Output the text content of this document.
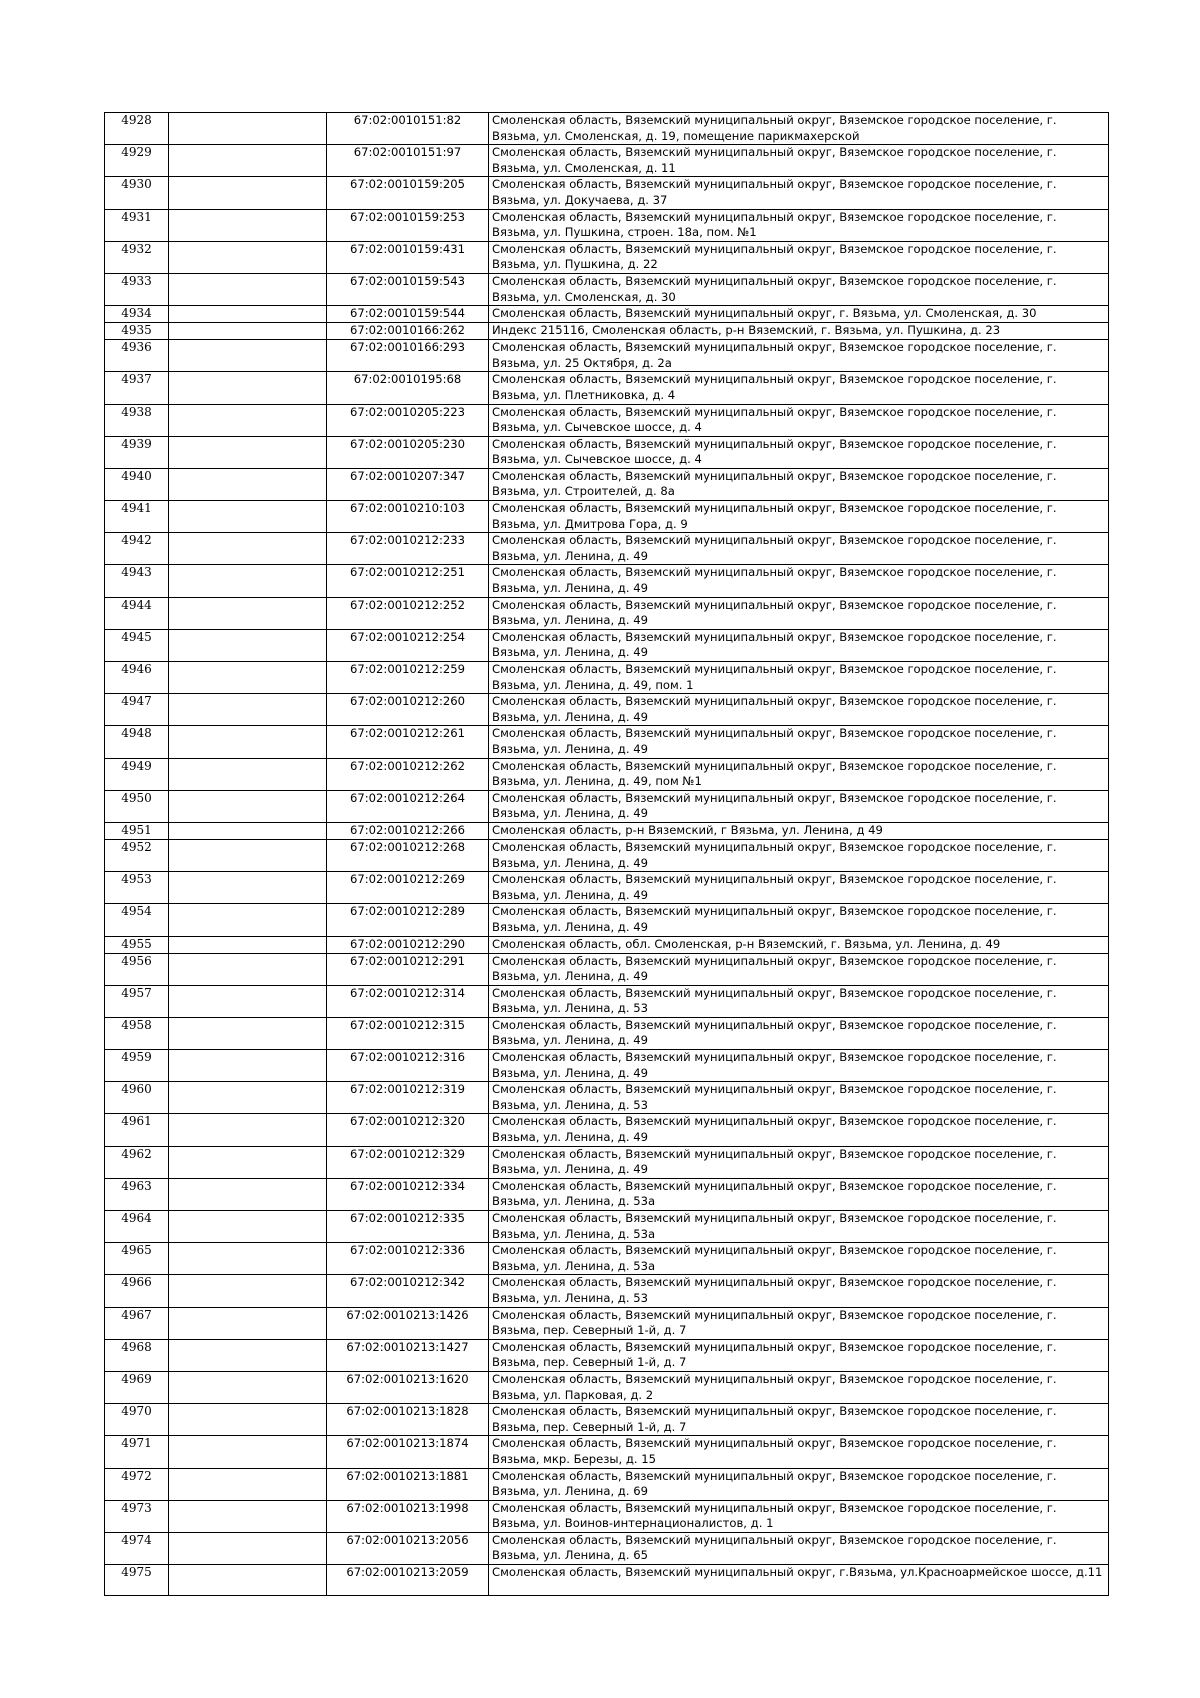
4928		67:02:0010151:82	Смоленская область, Вяземский муниципальный округ, Вяземское городское поселение, г. Вязьма, ул. Смоленская, д. 19, помещение парикмахерской
4929		67:02:0010151:97	Смоленская область, Вяземский муниципальный округ, Вяземское городское поселение, г. Вязьма, ул. Смоленская, д. 11
4930		67:02:0010159:205	Смоленская область, Вяземский муниципальный округ, Вяземское городское поселение, г. Вязьма, ул. Докучаева, д. 37
4931		67:02:0010159:253	Смоленская область, Вяземский муниципальный округ, Вяземское городское поселение, г. Вязьма, ул. Пушкина, строен. 18а, пом. №1
4932		67:02:0010159:431	Смоленская область, Вяземский муниципальный округ, Вяземское городское поселение, г. Вязьма, ул. Пушкина, д. 22
4933		67:02:0010159:543	Смоленская область, Вяземский муниципальный округ, Вяземское городское поселение, г. Вязьма, ул. Смоленская, д. 30
4934		67:02:0010159:544	Смоленская область, Вяземский муниципальный округ, г. Вязьма, ул. Смоленская, д. 30
4935		67:02:0010166:262	Индекс 215116, Смоленская область, р-н Вяземский, г. Вязьма, ул. Пушкина, д. 23
4936		67:02:0010166:293	Смоленская область, Вяземский муниципальный округ, Вяземское городское поселение, г. Вязьма, ул. 25 Октября, д. 2а
4937		67:02:0010195:68	Смоленская область, Вяземский муниципальный округ, Вяземское городское поселение, г. Вязьма, ул. Плетниковка, д. 4
4938		67:02:0010205:223	Смоленская область, Вяземский муниципальный округ, Вяземское городское поселение, г. Вязьма, ул. Сычевское шоссе, д. 4
4939		67:02:0010205:230	Смоленская область, Вяземский муниципальный округ, Вяземское городское поселение, г. Вязьма, ул. Сычевское шоссе, д. 4
4940		67:02:0010207:347	Смоленская область, Вяземский муниципальный округ, Вяземское городское поселение, г. Вязьма, ул. Строителей, д. 8а
4941		67:02:0010210:103	Смоленская область, Вяземский муниципальный округ, Вяземское городское поселение, г. Вязьма, ул. Дмитрова Гора, д. 9
4942		67:02:0010212:233	Смоленская область, Вяземский муниципальный округ, Вяземское городское поселение, г. Вязьма, ул. Ленина, д. 49
4943		67:02:0010212:251	Смоленская область, Вяземский муниципальный округ, Вяземское городское поселение, г. Вязьма, ул. Ленина, д. 49
4944		67:02:0010212:252	Смоленская область, Вяземский муниципальный округ, Вяземское городское поселение, г. Вязьма, ул. Ленина, д. 49
4945		67:02:0010212:254	Смоленская область, Вяземский муниципальный округ, Вяземское городское поселение, г. Вязьма, ул. Ленина, д. 49
4946		67:02:0010212:259	Смоленская область, Вяземский муниципальный округ, Вяземское городское поселение, г. Вязьма, ул. Ленина, д. 49, пом. 1
4947		67:02:0010212:260	Смоленская область, Вяземский муниципальный округ, Вяземское городское поселение, г. Вязьма, ул. Ленина, д. 49
4948		67:02:0010212:261	Смоленская область, Вяземский муниципальный округ, Вяземское городское поселение, г. Вязьма, ул. Ленина, д. 49
4949		67:02:0010212:262	Смоленская область, Вяземский муниципальный округ, Вяземское городское поселение, г. Вязьма, ул. Ленина, д. 49, пом №1
4950		67:02:0010212:264	Смоленская область, Вяземский муниципальный округ, Вяземское городское поселение, г. Вязьма, ул. Ленина, д. 49
4951		67:02:0010212:266	Смоленская область, р-н Вяземский, г Вязьма, ул. Ленина, д 49
4952		67:02:0010212:268	Смоленская область, Вяземский муниципальный округ, Вяземское городское поселение, г. Вязьма, ул. Ленина, д. 49
4953		67:02:0010212:269	Смоленская область, Вяземский муниципальный округ, Вяземское городское поселение, г. Вязьма, ул. Ленина, д. 49
4954		67:02:0010212:289	Смоленская область, Вяземский муниципальный округ, Вяземское городское поселение, г. Вязьма, ул. Ленина, д. 49
4955		67:02:0010212:290	Смоленская область, обл. Смоленская, р-н Вяземский, г. Вязьма, ул. Ленина, д. 49
4956		67:02:0010212:291	Смоленская область, Вяземский муниципальный округ, Вяземское городское поселение, г. Вязьма, ул. Ленина, д. 49
4957		67:02:0010212:314	Смоленская область, Вяземский муниципальный округ, Вяземское городское поселение, г. Вязьма, ул. Ленина, д. 53
4958		67:02:0010212:315	Смоленская область, Вяземский муниципальный округ, Вяземское городское поселение, г. Вязьма, ул. Ленина, д. 49
4959		67:02:0010212:316	Смоленская область, Вяземский муниципальный округ, Вяземское городское поселение, г. Вязьма, ул. Ленина, д. 49
4960		67:02:0010212:319	Смоленская область, Вяземский муниципальный округ, Вяземское городское поселение, г. Вязьма, ул. Ленина, д. 53
4961		67:02:0010212:320	Смоленская область, Вяземский муниципальный округ, Вяземское городское поселение, г. Вязьма, ул. Ленина, д. 49
4962		67:02:0010212:329	Смоленская область, Вяземский муниципальный округ, Вяземское городское поселение, г. Вязьма, ул. Ленина, д. 49
4963		67:02:0010212:334	Смоленская область, Вяземский муниципальный округ, Вяземское городское поселение, г. Вязьма, ул. Ленина, д. 53а
4964		67:02:0010212:335	Смоленская область, Вяземский муниципальный округ, Вяземское городское поселение, г. Вязьма, ул. Ленина, д. 53а
4965		67:02:0010212:336	Смоленская область, Вяземский муниципальный округ, Вяземское городское поселение, г. Вязьма, ул. Ленина, д. 53а
4966		67:02:0010212:342	Смоленская область, Вяземский муниципальный округ, Вяземское городское поселение, г. Вязьма, ул. Ленина, д. 53
4967		67:02:0010213:1426	Смоленская область, Вяземский муниципальный округ, Вяземское городское поселение, г. Вязьма, пер. Северный 1-й, д. 7
4968		67:02:0010213:1427	Смоленская область, Вяземский муниципальный округ, Вяземское городское поселение, г. Вязьма, пер. Северный 1-й, д. 7
4969		67:02:0010213:1620	Смоленская область, Вяземский муниципальный округ, Вяземское городское поселение, г. Вязьма, ул. Парковая, д. 2
4970		67:02:0010213:1828	Смоленская область, Вяземский муниципальный округ, Вяземское городское поселение, г. Вязьма, пер. Северный 1-й, д. 7
4971		67:02:0010213:1874	Смоленская область, Вяземский муниципальный округ, Вяземское городское поселение, г. Вязьма, мкр. Березы, д. 15
4972		67:02:0010213:1881	Смоленская область, Вяземский муниципальный округ, Вяземское городское поселение, г. Вязьма, ул. Ленина, д. 69
4973		67:02:0010213:1998	Смоленская область, Вяземский муниципальный округ, Вяземское городское поселение, г. Вязьма, ул. Воинов-интернационалистов, д. 1
4974		67:02:0010213:2056	Смоленская область, Вяземский муниципальный округ, Вяземское городское поселение, г. Вязьма, ул. Ленина, д. 65
4975		67:02:0010213:2059	Смоленская область, Вяземский муниципальный округ, г.Вязьма, ул.Красноармейское шоссе, д.11
